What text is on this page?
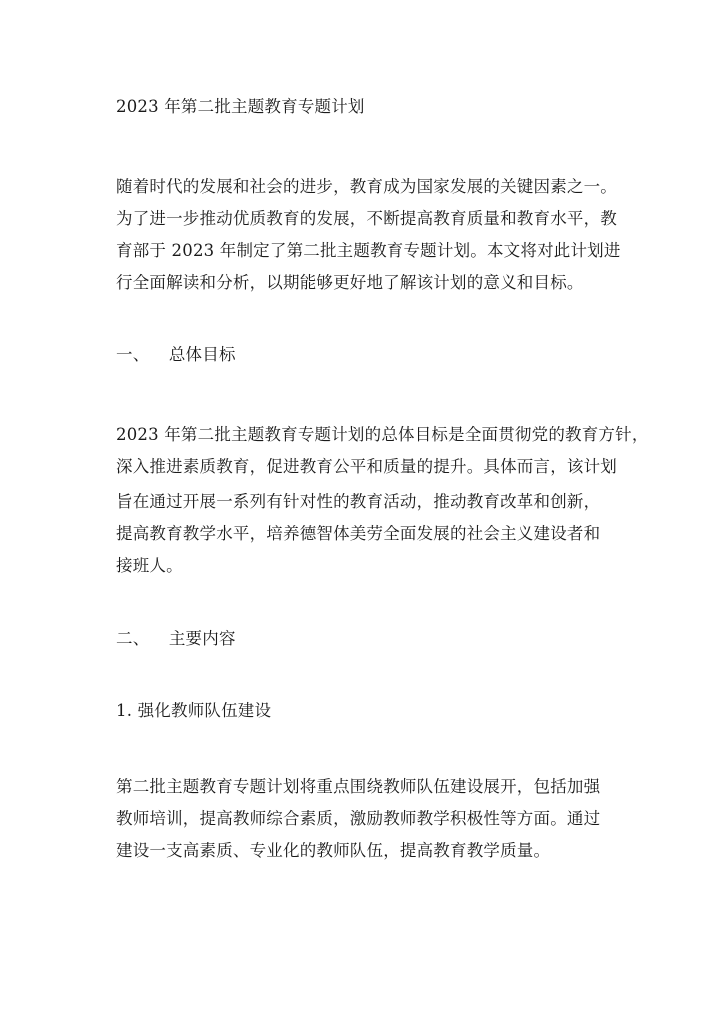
2023 年第二批主题教育专题计划
随着时代的发展和社会的进步，教育成为国家发展的关键因素之一。
为了进一步推动优质教育的发展，不断提高教育质量和教育水平，教
育部于 2023 年制定了第二批主题教育专题计划。本文将对此计划进
行全面解读和分析，以期能够更好地了解该计划的意义和目标。
一、 总体目标
2023 年第二批主题教育专题计划的总体目标是全面贯彻党的教育方针，
深入推进素质教育，促进教育公平和质量的提升。具体而言，该计划
旨在通过开展一系列有针对性的教育活动，推动教育改革和创新，
提高教育教学水平，培养德智体美劳全面发展的社会主义建设者和
接班人。
二、 主要内容
1. 强化教师队伍建设
第二批主题教育专题计划将重点围绕教师队伍建设展开，包括加强
教师培训，提高教师综合素质，激励教师教学积极性等方面。通过
建设一支高素质、专业化的教师队伍，提高教育教学质量。
